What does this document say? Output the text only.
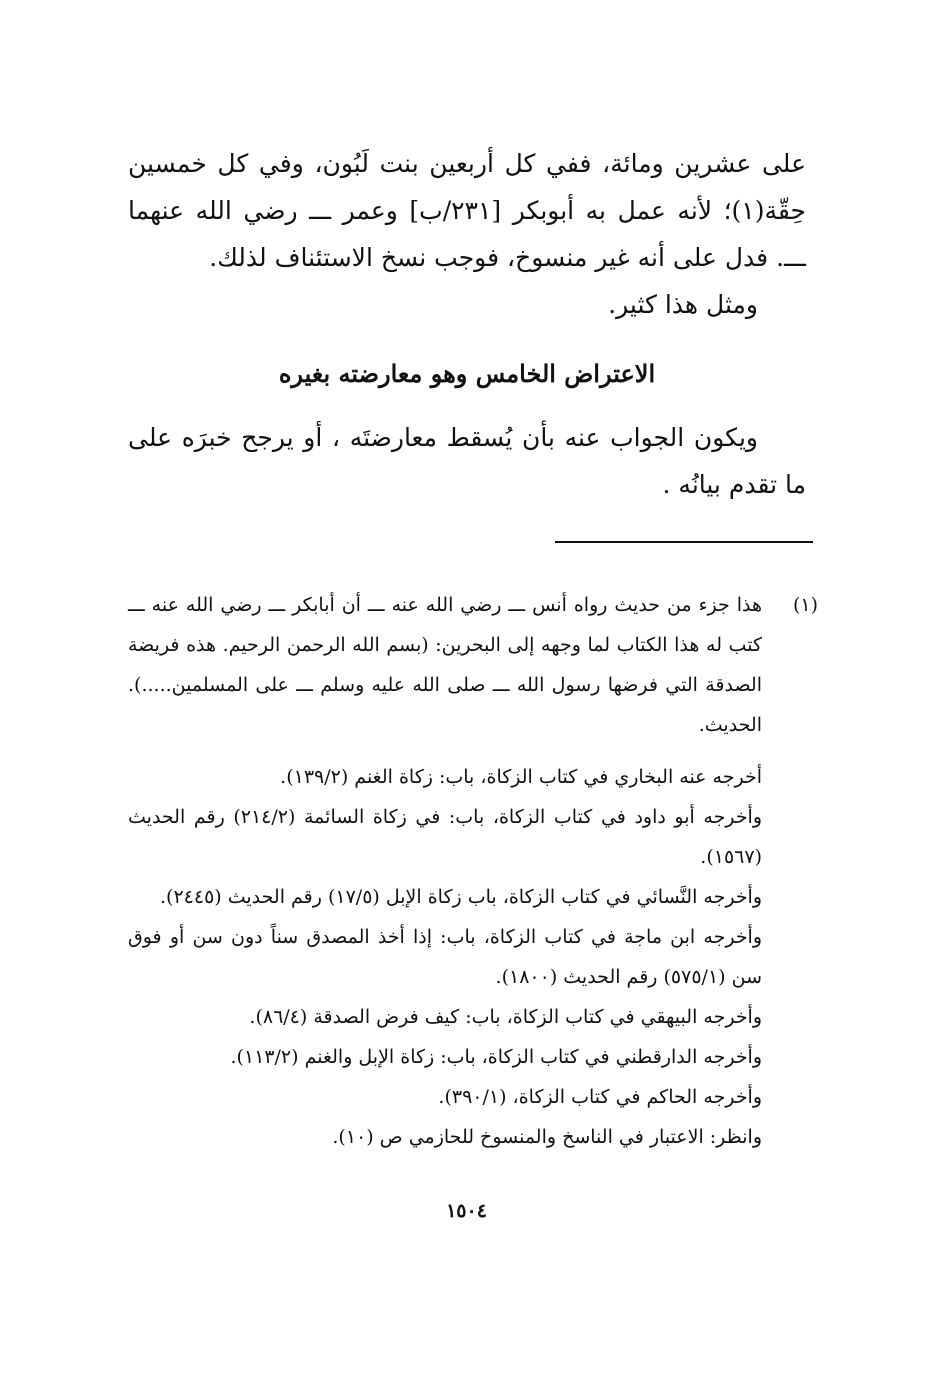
على عشرين ومائة، ففي كل أربعين بنت لَبُون، وفي كل خمسين حِقّة(١)؛ لأنه عمل به أبوبكر [٢٣١/ب] وعمر ـــ رضي الله عنهما ـــ. فدل على أنه غير منسوخ، فوجب نسخ الاستئناف لذلك.

ومثل هذا كثير.

الاعتراض الخامس وهو معارضته بغيره

ويكون الجواب عنه بأن يُسقط معارضتَه ، أو يرجح خبرَه على ما تقدم بيانُه .

(١)

هذا جزء من حديث رواه أنس ـــ رضي الله عنه ـــ أن أبابكر ـــ رضي الله عنه ـــ كتب له هذا الكتاب لما وجهه إلى البحرين: (بسم الله الرحمن الرحيم. هذه فريضة الصدقة التي فرضها رسول الله ـــ صلى الله عليه وسلم ـــ على المسلمين.....). الحديث.

أخرجه عنه البخاري في كتاب الزكاة، باب: زكاة الغنم (١٣٩/٢).

وأخرجه أبو داود في كتاب الزكاة، باب: في زكاة السائمة (٢١٤/٢) رقم الحديث (١٥٦٧).

وأخرجه النَّسائي في كتاب الزكاة، باب زكاة الإبل (١٧/٥) رقم الحديث (٢٤٤٥).

وأخرجه ابن ماجة في كتاب الزكاة، باب: إذا أخذ المصدق سناً دون سن أو فوق سن (٥٧٥/١) رقم الحديث (١٨٠٠).

وأخرجه البيهقي في كتاب الزكاة، باب: كيف فرض الصدقة (٨٦/٤).

وأخرجه الدارقطني في كتاب الزكاة، باب: زكاة الإبل والغنم (١١٣/٢).

وأخرجه الحاكم في كتاب الزكاة، (٣٩٠/١).

وانظر: الاعتبار في الناسخ والمنسوخ للحازمي ص (١٠).

١٥٠٤
